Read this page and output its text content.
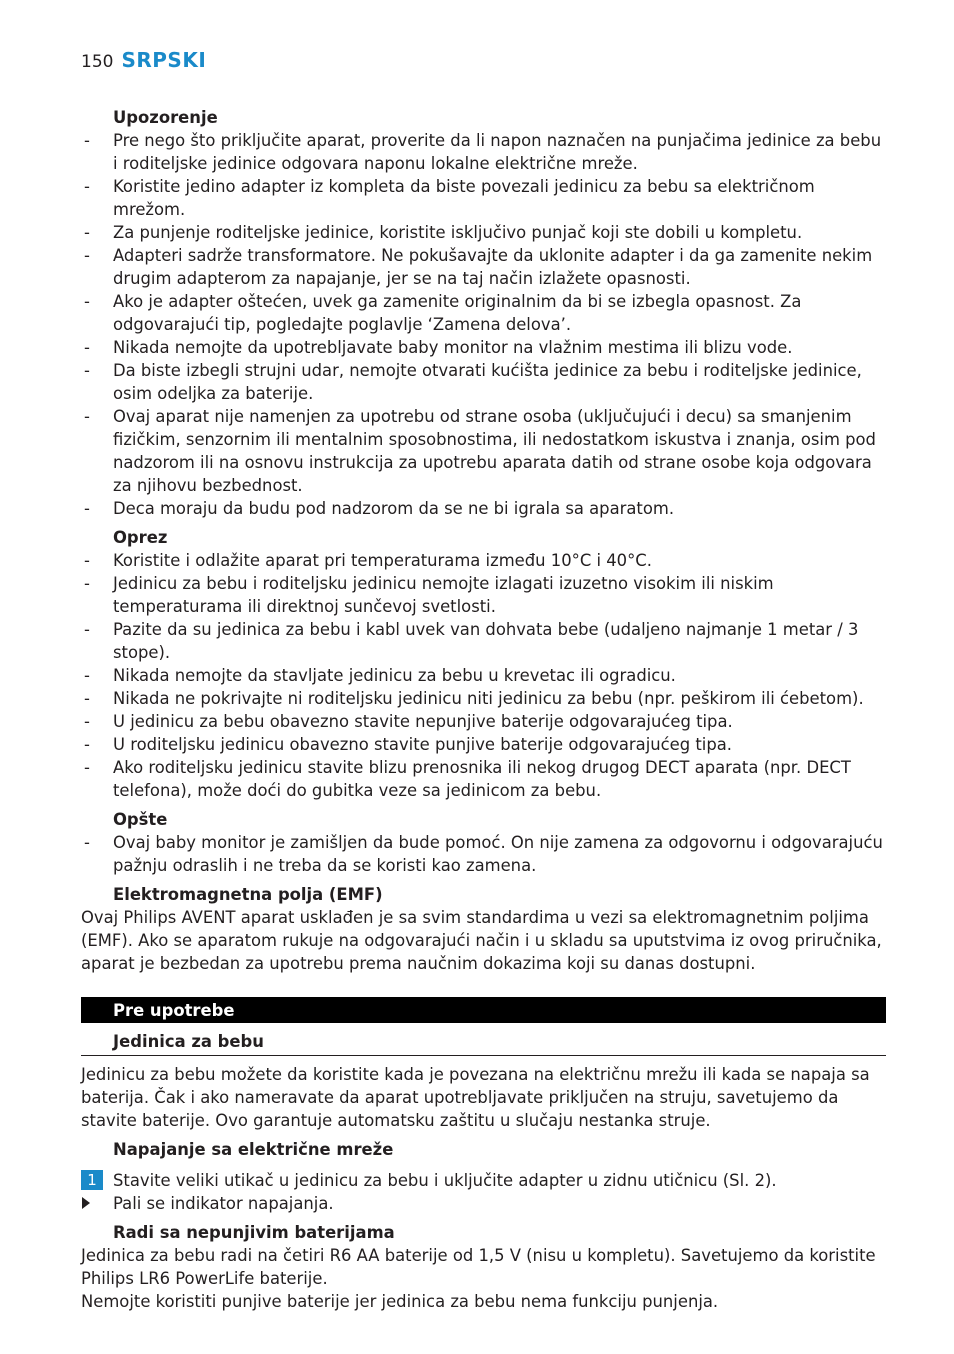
150 SRPSKI
Upozorenje
- Pre nego što priključite aparat, proverite da li napon naznačen na punjačima jedinice za bebu i roditeljske jedinice odgovara naponu lokalne električne mreže.
- Koristite jedino adapter iz kompleta da biste povezali jedinicu za bebu sa električnom mrežom.
- Za punjenje roditeljske jedinice, koristite isključivo punjač koji ste dobili u kompletu.
- Adapteri sadrže transformatore. Ne pokušavajte da uklonite adapter i da ga zamenite nekim drugim adapterom za napajanje, jer se na taj način izlažete opasnosti.
- Ako je adapter oštećen, uvek ga zamenite originalnim da bi se izbegla opasnost. Za odgovarajući tip, pogledajte poglavlje ‘Zamena delova’.
- Nikada nemojte da upotrebljavate baby monitor na vlažnim mestima ili blizu vode.
- Da biste izbegli strujni udar, nemojte otvarati kućišta jedinice za bebu i roditeljske jedinice, osim odeljka za baterije.
- Ovaj aparat nije namenjen za upotrebu od strane osoba (uključujući i decu) sa smanjenim fizičkim, senzornim ili mentalnim sposobnostima, ili nedostatkom iskustva i znanja, osim pod nadzorom ili na osnovu instrukcija za upotrebu aparata datih od strane osobe koja odgovara za njihovu bezbednost.
- Deca moraju da budu pod nadzorom da se ne bi igrala sa aparatom.
Oprez
- Koristite i odlažite aparat pri temperaturama između 10°C i 40°C.
- Jedinicu za bebu i roditeljsku jedinicu nemojte izlagati izuzetno visokim ili niskim temperaturama ili direktnoj sunčevoj svetlosti.
- Pazite da su jedinica za bebu i kabl uvek van dohvata bebe (udaljeno najmanje 1 metar / 3 stope).
- Nikada nemojte da stavljate jedinicu za bebu u krevetac ili ogradicu.
- Nikada ne pokrivajte ni roditeljsku jedinicu niti jedinicu za bebu (npr. peškirom ili ćebetom).
- U jedinicu za bebu obavezno stavite nepunjive baterije odgovarajućeg tipa.
- U roditeljsku jedinicu obavezno stavite punjive baterije odgovarajućeg tipa.
- Ako roditeljsku jedinicu stavite blizu prenosnika ili nekog drugog DECT aparata (npr. DECT telefona), može doći do gubitka veze sa jedinicom za bebu.
Opšte
- Ovaj baby monitor je zamišljen da bude pomoć. On nije zamena za odgovornu i odgovarajuću pažnju odraslih i ne treba da se koristi kao zamena.
Elektromagnetna polja (EMF)

Ovaj Philips AVENT aparat usklađen je sa svim standardima u vezi sa elektromagnetnim poljima (EMF). Ako se aparatom rukuje na odgovarajući način i u skladu sa uputstvima iz ovog priručnika, aparat je bezbedan za upotrebu prema naučnim dokazima koji su danas dostupni.

Pre upotrebe
Jedinica za bebu

Jedinicu za bebu možete da koristite kada je povezana na električnu mrežu ili kada se napaja sa baterija. Čak i ako nameravate da aparat upotrebljavate priključen na struju, savetujemo da stavite baterije. Ovo garantuje automatsku zaštitu u slučaju nestanka struje.

Napajanje sa električne mreže
1 Stavite veliki utikač u jedinicu za bebu i uključite adapter u zidnu utičnicu (Sl. 2).
Pali se indikator napajanja.
Radi sa nepunjivim baterijama

Jedinica za bebu radi na četiri R6 AA baterije od 1,5 V (nisu u kompletu). Savetujemo da koristite Philips LR6 PowerLife baterije.

Nemojte koristiti punjive baterije jer jedinica za bebu nema funkciju punjenja.
